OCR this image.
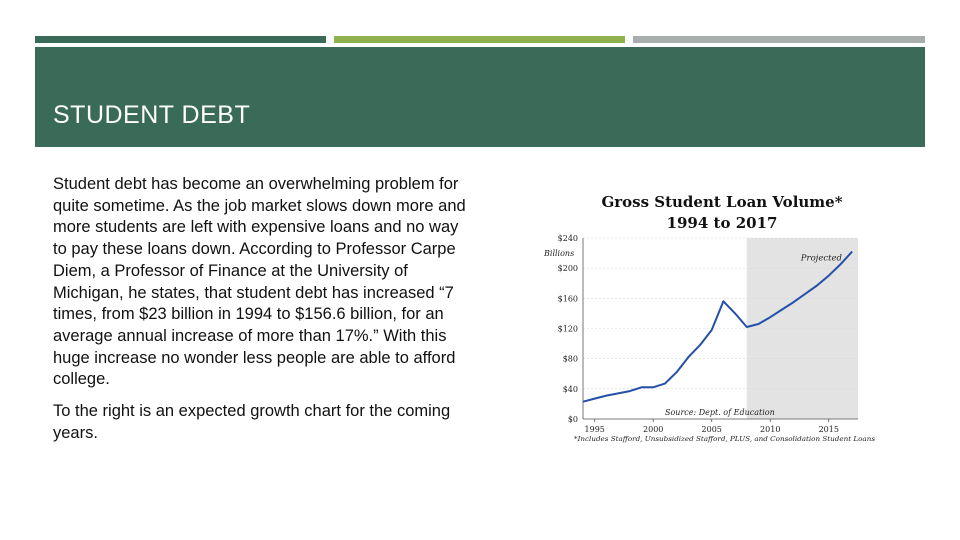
STUDENT DEBT

Student debt has become an overwhelming problem for quite sometime. As the job market slows down more and more students are left with expensive loans and no way to pay these loans down. According to Professor Carpe Diem, a Professor of Finance at the University of Michigan, he states, that student debt has increased “7 times, from $23 billion in 1994 to $156.6 billion, for an average annual increase of more than 17%.” With this huge increase no wonder less people are able to afford college.

To the right is an expected growth chart for the coming years.

Gross Student Loan Volume*
1994 to 2017
Projected
$0
$40
$80
$120
$160
$200
$240
Billions
1995	2000	2005	2010	2015
Source: Dept. of Education
*Includes Stafford, Unsubsidized Stafford, PLUS, and Consolidation Student Loans
